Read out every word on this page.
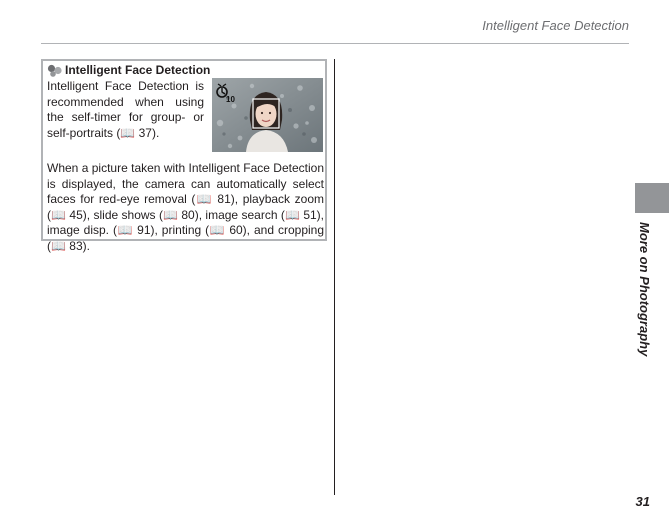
Intelligent Face Detection
Intelligent Face Detection
Intelligent Face Detection is recommended when using the self-timer for group- or self-portraits (📖 37).
10
When a picture taken with Intelligent Face Detection is displayed, the camera can automatically select faces for red-eye removal (📖 81), playback zoom (📖 45), slide shows (📖 80), image search (📖 51), image disp. (📖 91), printing (📖 60), and cropping (📖 83).	More on Photography
31
